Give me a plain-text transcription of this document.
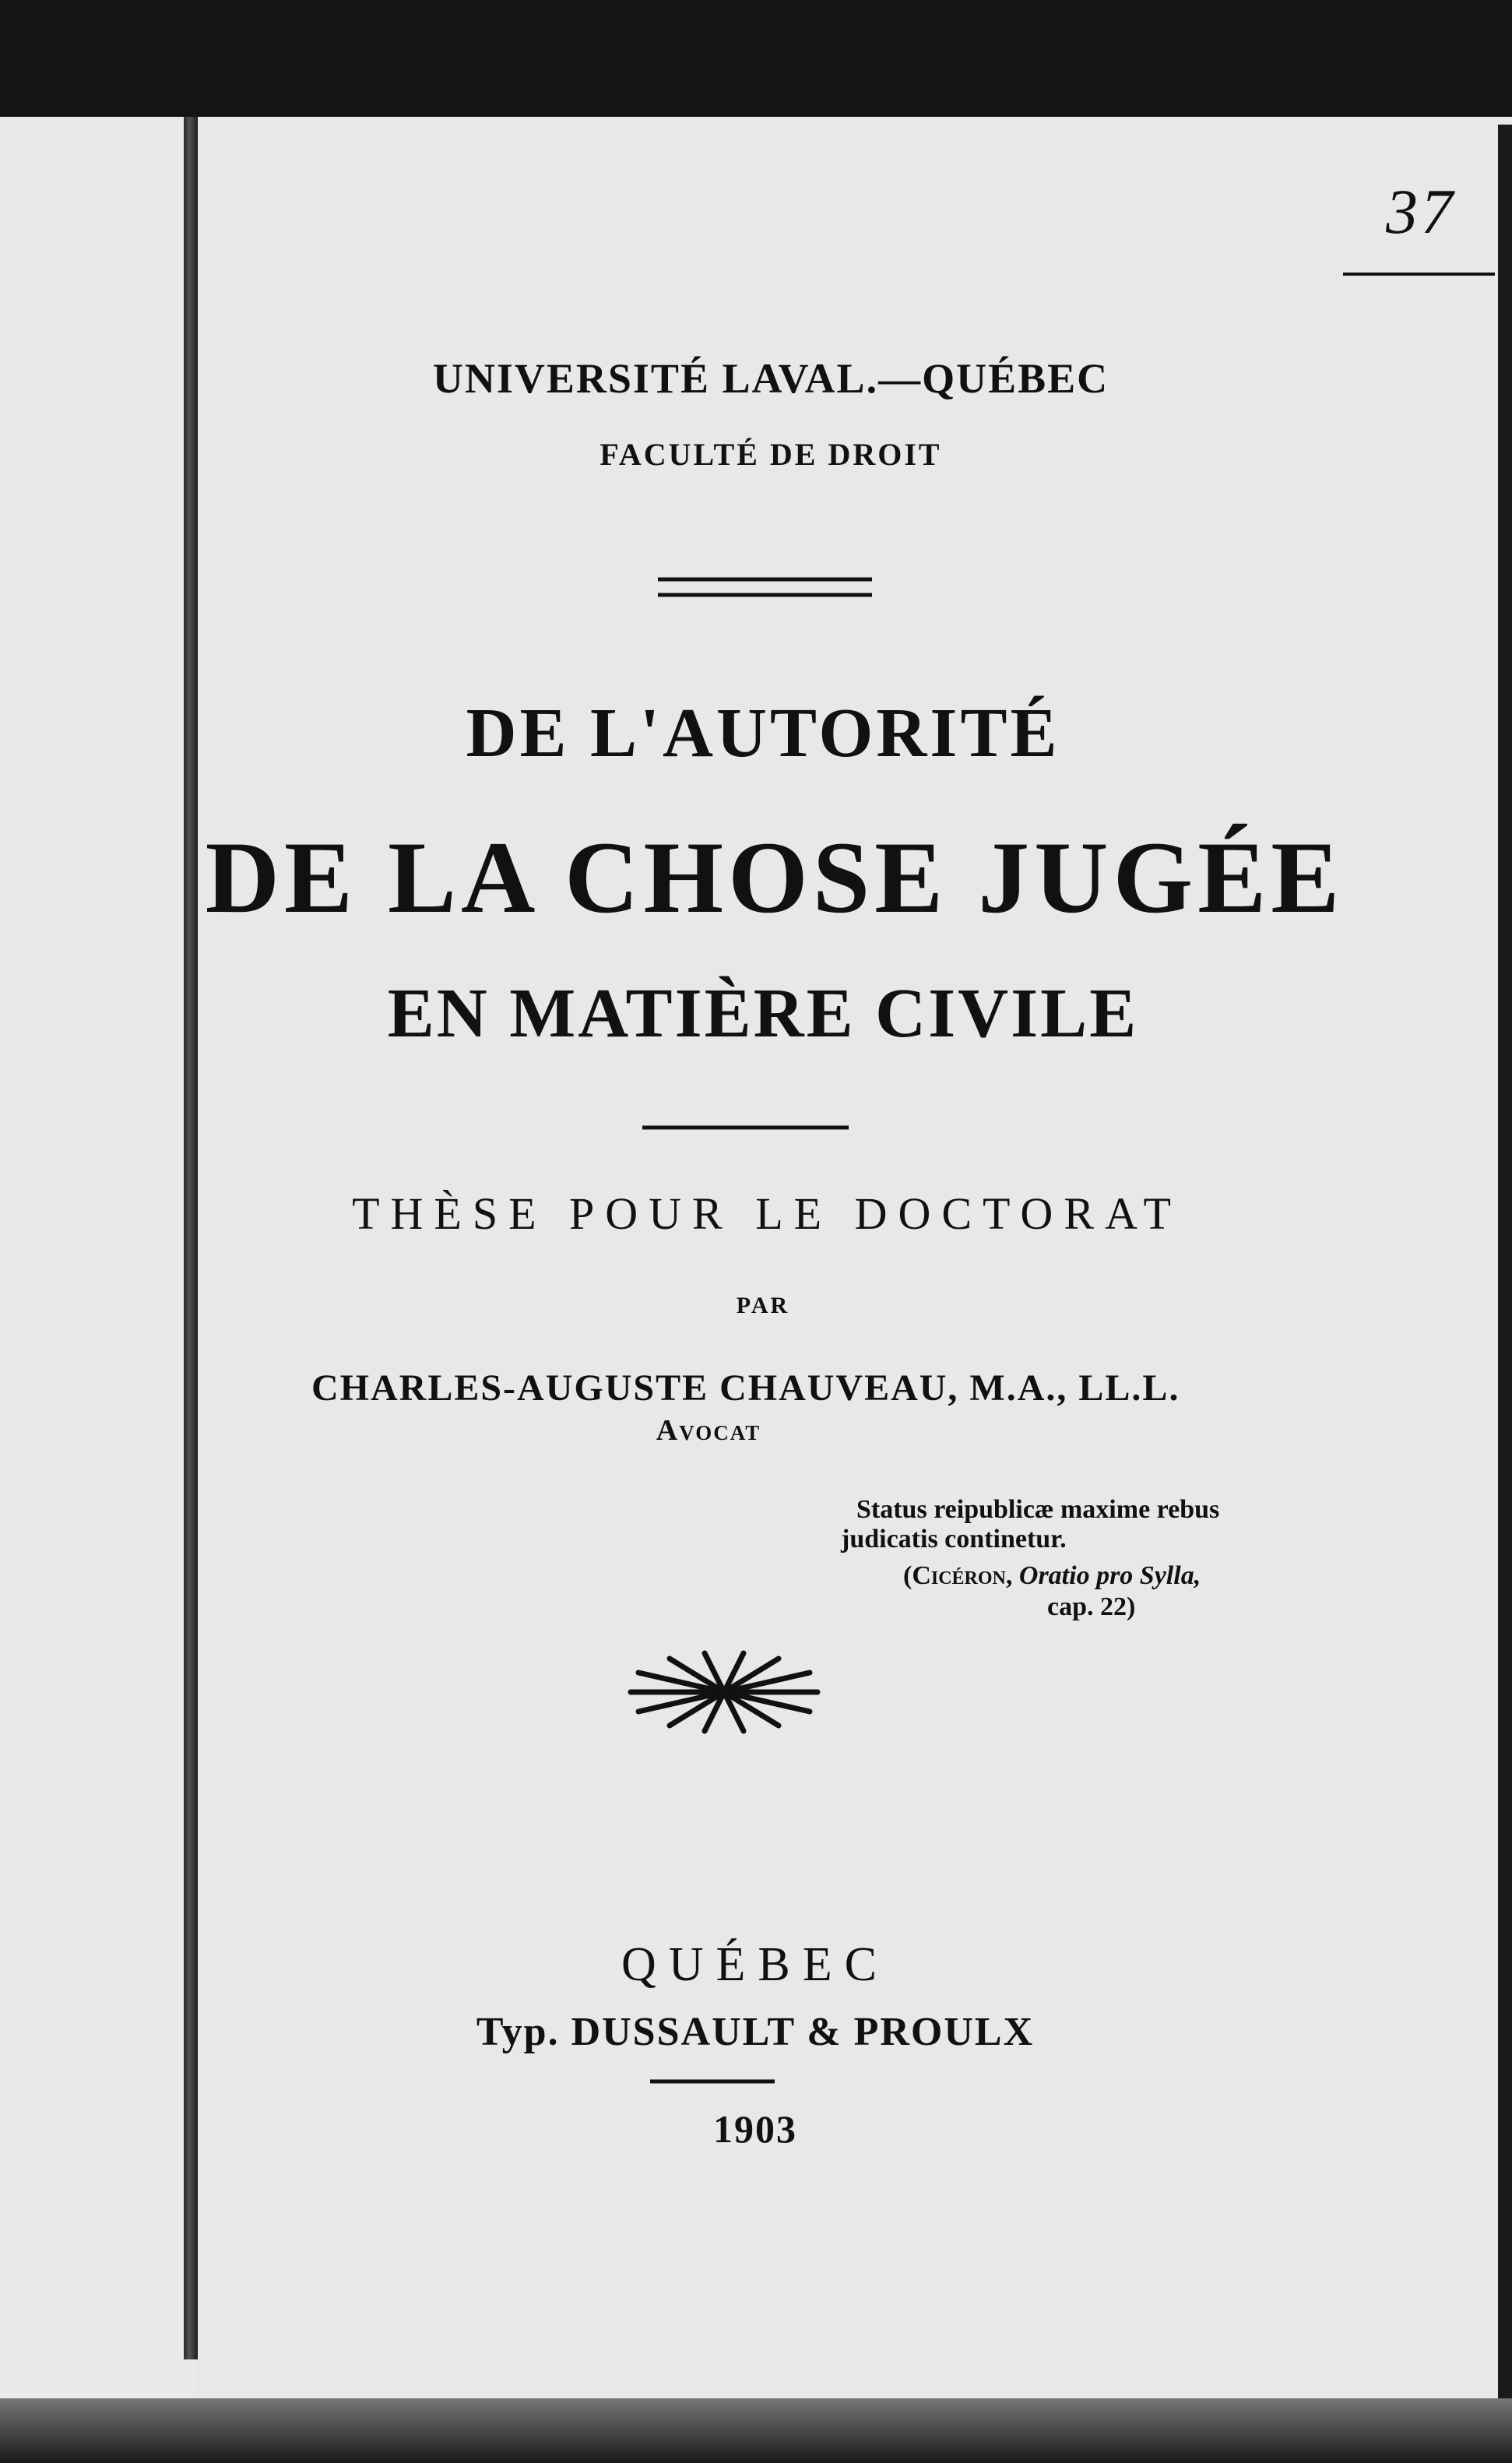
37
UNIVERSITÉ LAVAL.—QUÉBEC
FACULTÉ DE DROIT
DE L'AUTORITÉ
DE LA CHOSE JUGÉE
EN MATIÈRE CIVILE
THÈSE POUR LE DOCTORAT
PAR
CHARLES-AUGUSTE CHAUVEAU, M.A., LL.L.
Avocat
Status reipublicæ maxime rebus
judicatis continetur.
(Cicéron, Oratio pro Sylla,
cap. 22)
QUÉBEC
Typ. DUSSAULT & PROULX
1903
